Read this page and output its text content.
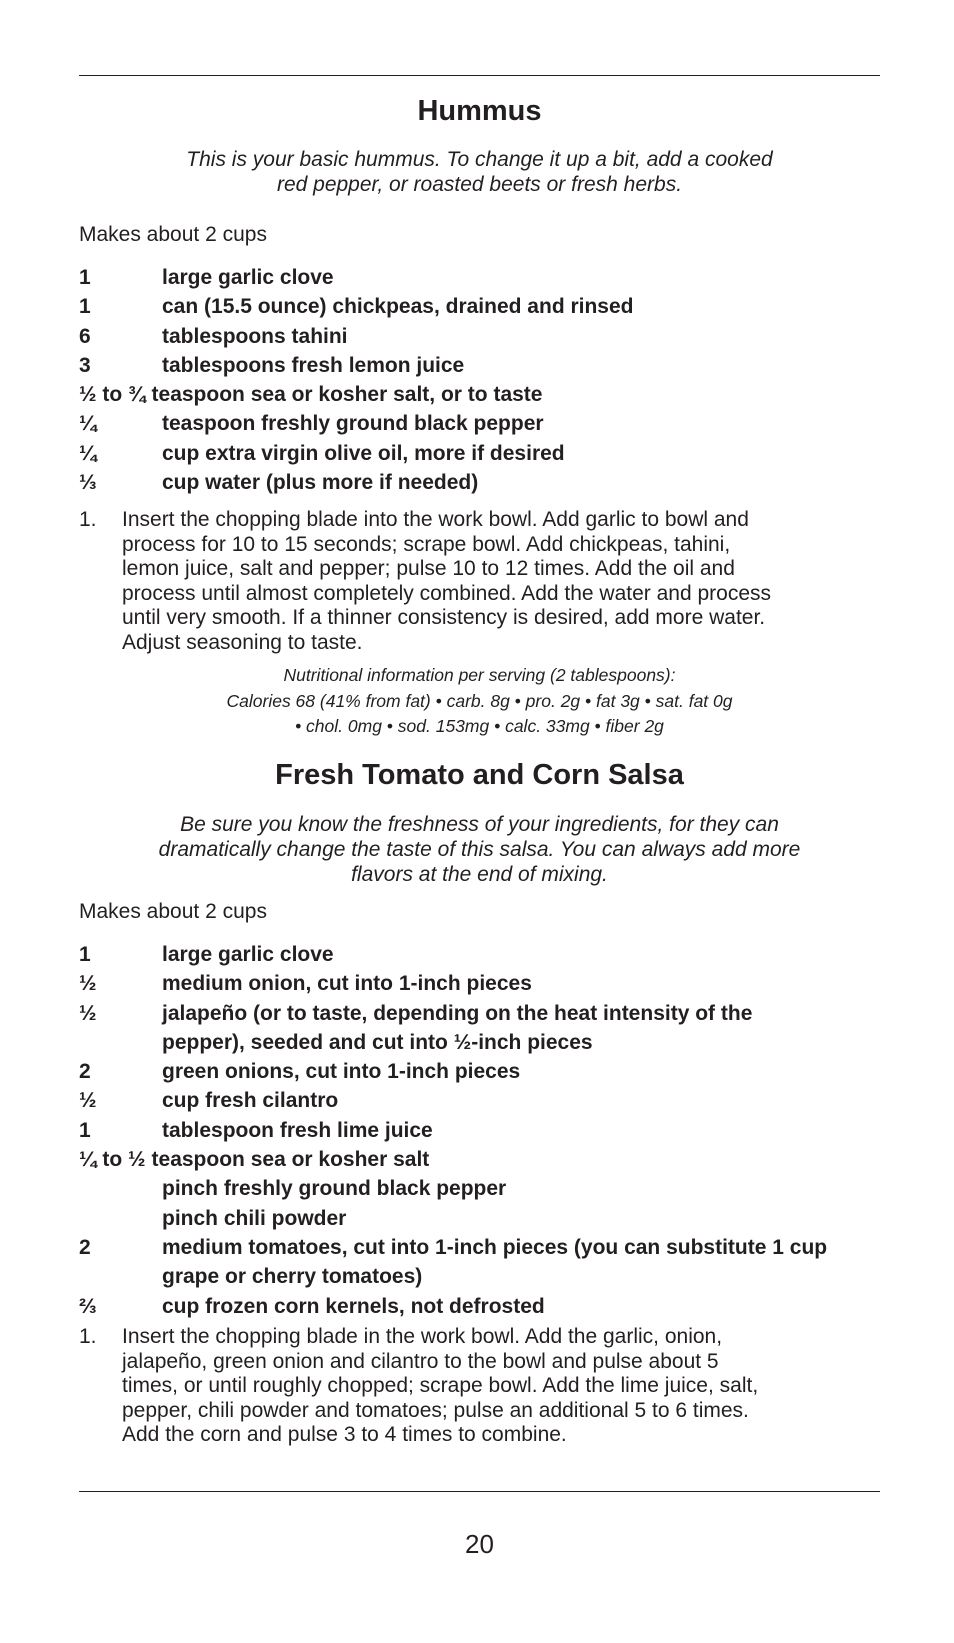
Hummus
This is your basic hummus. To change it up a bit, add a cooked
red pepper, or roasted beets or fresh herbs.
Makes about 2 cups
1	large garlic clove
1	can (15.5 ounce) chickpeas, drained and rinsed
6	tablespoons tahini
3	tablespoons fresh lemon juice
½ to ¾ teaspoon sea or kosher salt, or to taste
¼	teaspoon freshly ground black pepper
¼	cup extra virgin olive oil, more if desired
⅓	cup water (plus more if needed)
1. Insert the chopping blade into the work bowl. Add garlic to bowl and
process for 10 to 15 seconds; scrape bowl. Add chickpeas, tahini,
lemon juice, salt and pepper; pulse 10 to 12 times. Add the oil and
process until almost completely combined. Add the water and process
until very smooth. If a thinner consistency is desired, add more water.
Adjust seasoning to taste.
Nutritional information per serving (2 tablespoons):
Calories 68 (41% from fat) • carb. 8g • pro. 2g • fat 3g • sat. fat 0g
• chol. 0mg • sod. 153mg • calc. 33mg • fiber 2g
Fresh Tomato and Corn Salsa
Be sure you know the freshness of your ingredients, for they can
dramatically change the taste of this salsa. You can always add more
flavors at the end of mixing.
Makes about 2 cups
1	large garlic clove
½	medium onion, cut into 1-inch pieces
½	jalapeño (or to taste, depending on the heat intensity of the pepper), seeded and cut into ½-inch pieces
2	green onions, cut into 1-inch pieces
½	cup fresh cilantro
1	tablespoon fresh lime juice
¼ to ½ teaspoon sea or kosher salt
pinch freshly ground black pepper
pinch chili powder
2	medium tomatoes, cut into 1-inch pieces (you can substitute 1 cup grape or cherry tomatoes)
⅔	cup frozen corn kernels, not defrosted
1. Insert the chopping blade in the work bowl. Add the garlic, onion,
jalapeño, green onion and cilantro to the bowl and pulse about 5
times, or until roughly chopped; scrape bowl. Add the lime juice, salt,
pepper, chili powder and tomatoes; pulse an additional 5 to 6 times.
Add the corn and pulse 3 to 4 times to combine.
20
